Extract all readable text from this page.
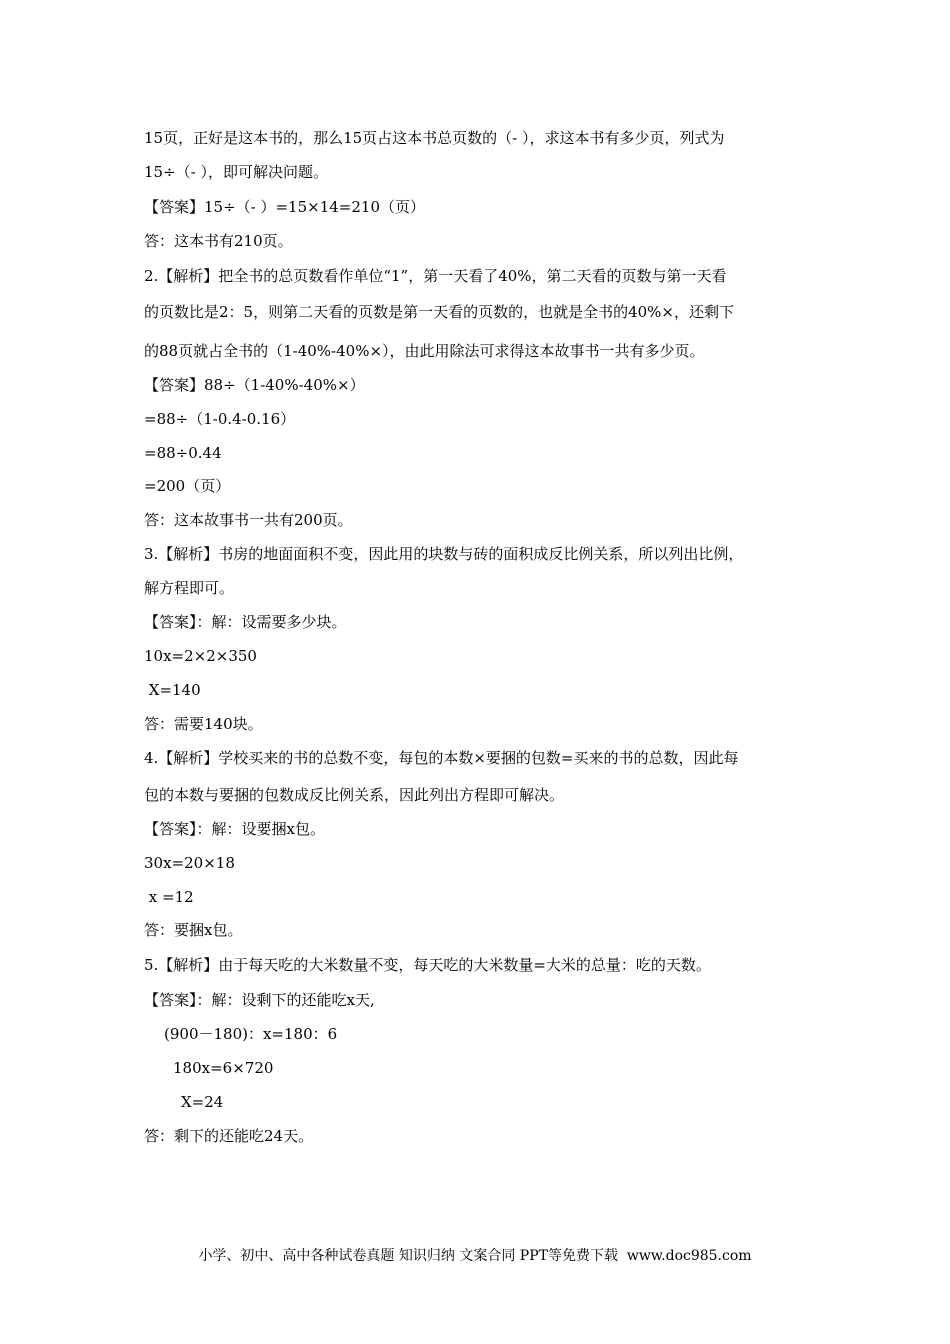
15页，正好是这本书的，那么15页占这本书总页数的（- ），求这本书有多少页，列式为
15÷（- ），即可解决问题。
【答案】15÷（- ）=15×14=210（页）
答：这本书有210页。
2.【解析】把全书的总页数看作单位“1”，第一天看了40%，第二天看的页数与第一天看
的页数比是2：5，则第二天看的页数是第一天看的页数的，也就是全书的40%×，还剩下
的88页就占全书的（1-40%-40%×），由此用除法可求得这本故事书一共有多少页。
【答案】88÷（1-40%-40%×）
=88÷（1-0.4-0.16）
=88÷0.44
=200（页）
答：这本故事书一共有200页。
3.【解析】书房的地面面积不变，因此用的块数与砖的面积成反比例关系，所以列出比例，
解方程即可。
【答案】：解：设需要多少块。
10x=2×2×350
X=140
答：需要140块。
4.【解析】学校买来的书的总数不变，每包的本数×要捆的包数=买来的书的总数，因此每
包的本数与要捆的包数成反比例关系，因此列出方程即可解决。
【答案】：解：设要捆x包。
30x=20×18
x =12
答：要捆x包。
5.【解析】由于每天吃的大米数量不变，每天吃的大米数量=大米的总量：吃的天数。
【答案】：解：设剩下的还能吃x天,
(900－180)：x=180：6
180x=6×720
X=24
答：剩下的还能吃24天。
小学、初中、高中各种试卷真题 知识归纳 文案合同 PPT等免费下载  www.doc985.com
